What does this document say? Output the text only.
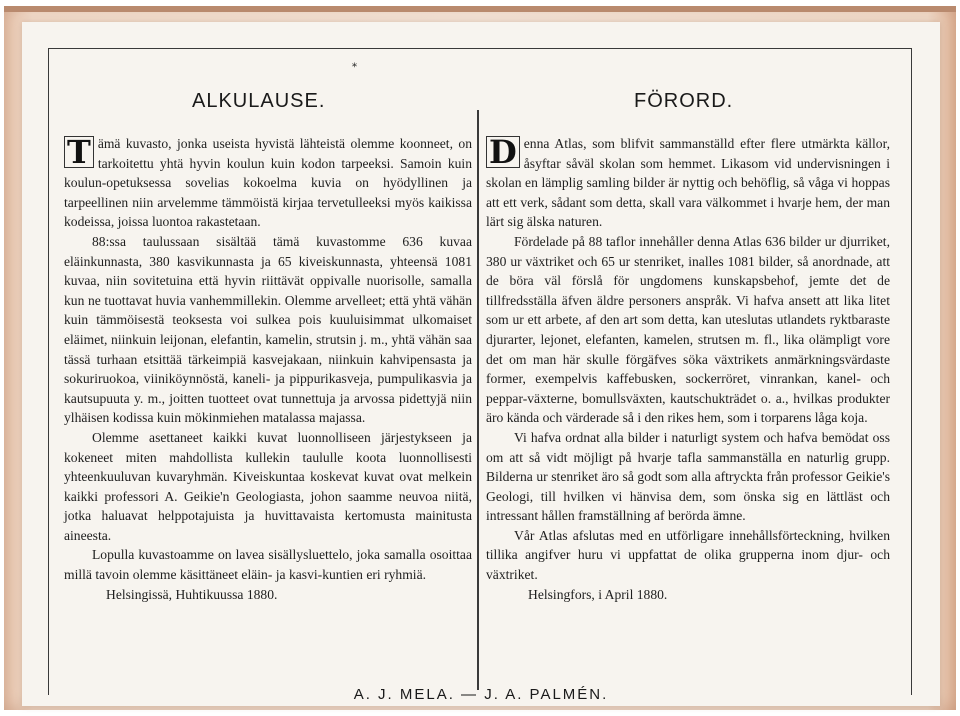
*
ALKULAUSE.	FÖRORD.

T ämä kuvasto, jonka useista hyvistä lähteistä olemme koonneet, on tarkoitettu yhtä hyvin koulun kuin kodon tarpeeksi. Samoin kuin koulun-opetuksessa sovelias kokoelma kuvia on hyödyllinen ja tarpeellinen niin arvelemme tämmöistä kirjaa tervetulleeksi myös kaikissa kodeissa, joissa luontoa rakastetaan.

88:ssa taulussaan sisältää tämä kuvastomme 636 kuvaa eläinkunnasta, 380 kasvikunnasta ja 65 kiveiskunnasta, yhteensä 1081 kuvaa, niin sovitetuina että hyvin riittävät oppivalle nuorisolle, samalla kun ne tuottavat huvia vanhemmillekin. Olemme arvelleet; että yhtä vähän kuin tämmöisestä teoksesta voi sulkea pois kuuluisimmat ulkomaiset eläimet, niinkuin leijonan, elefantin, kamelin, strutsin j. m., yhtä vähän saa tässä turhaan etsittää tärkeimpiä kasvejakaan, niinkuin kahvipensasta ja sokuriruokoa, viiniköynnöstä, kaneli- ja pippurikasveja, pumpulikasvia ja kautsupuuta y. m., joitten tuotteet ovat tunnettuja ja arvossa pidettyjä niin ylhäisen kodissa kuin mökinmiehen matalassa majassa.

Olemme asettaneet kaikki kuvat luonnolliseen järjestykseen ja kokeneet miten mahdollista kullekin taululle koota luonnollisesti yhteenkuuluvan kuvaryhmän. Kiveiskuntaa koskevat kuvat ovat melkein kaikki professori A. Geikie'n Geologiasta, johon saamme neuvoa niitä, jotka haluavat helppotajuista ja huvittavaista kertomusta mainitusta aineesta.

Lopulla kuvastoamme on lavea sisällysluettelo, joka samalla osoittaa millä tavoin olemme käsittäneet eläin- ja kasvi-kuntien eri ryhmiä.

Helsingissä, Huhtikuussa 1880.

D enna Atlas, som blifvit sammanställd efter flere utmärkta källor, åsyftar såväl skolan som hemmet. Likasom vid undervisningen i skolan en lämplig samling bilder är nyttig och behöflig, så våga vi hoppas att ett verk, sådant som detta, skall vara välkommet i hvarje hem, der man lärt sig älska naturen.

Fördelade på 88 taflor innehåller denna Atlas 636 bilder ur djurriket, 380 ur växtriket och 65 ur stenriket, inalles 1081 bilder, så anordnade, att de böra väl förslå för ungdomens kunskapsbehof, jemte det de tillfredsställa äfven äldre personers anspråk. Vi hafva ansett att lika litet som ur ett arbete, af den art som detta, kan uteslutas utlandets ryktbaraste djurarter, lejonet, elefanten, kamelen, strutsen m. fl., lika olämpligt vore det om man här skulle förgäfves söka växtrikets anmärkningsvärdaste former, exempelvis kaffebusken, sockerröret, vinrankan, kanel- och peppar-växterne, bomullsväxten, kautschukträdet o. a., hvilkas produkter äro kända och värderade så i den rikes hem, som i torparens låga koja.

Vi hafva ordnat alla bilder i naturligt system och hafva bemödat oss om att så vidt möjligt på hvarje tafla sammanställa en naturlig grupp. Bilderna ur stenriket äro så godt som alla aftryckta från professor Geikie's Geologi, till hvilken vi hänvisa dem, som önska sig en lättläst och intressant hållen framställning af berörda ämne.

Vår Atlas afslutas med en utförligare innehållsförteckning, hvilken tillika angifver huru vi uppfattat de olika grupperna inom djur- och växtriket.

Helsingfors, i April 1880.
A. J. MELA. — J. A. PALMÉN.
